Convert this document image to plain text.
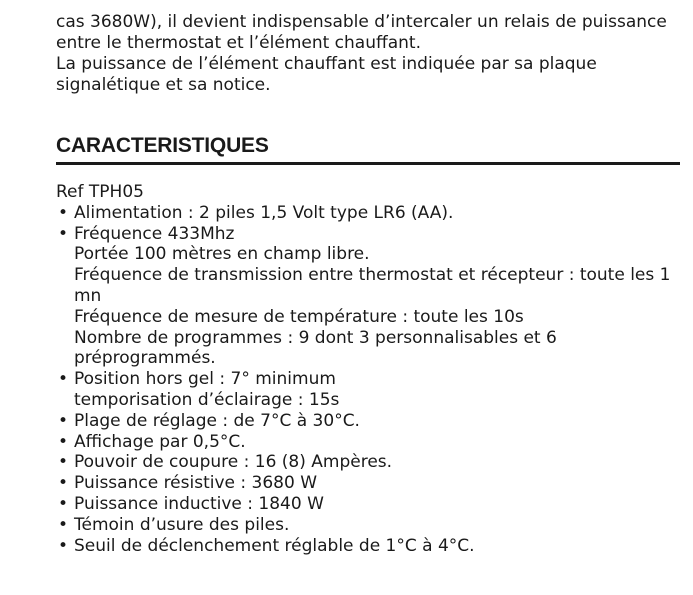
cas 3680W), il devient indispensable d’intercaler un relais de puissance entre le thermostat et l’élément chauffant.

La puissance de l’élément chauffant est indiquée par sa plaque signalétique et sa notice.

CARACTERISTIQUES

Ref TPH05

• Alimentation : 2 piles 1,5 Volt type LR6 (AA).
• Fréquence 433Mhz
Portée 100 mètres en champ libre.
Fréquence de transmission entre thermostat et récepteur : toute les 1 mn
Fréquence de mesure de température : toute les 10s
Nombre de programmes : 9 dont 3 personnalisables et 6 préprogrammés.
• Position hors gel : 7° minimum
temporisation d’éclairage : 15s
• Plage de réglage : de 7°C à 30°C.
• Affichage par 0,5°C.
• Pouvoir de coupure : 16 (8) Ampères.
• Puissance résistive : 3680 W
• Puissance inductive : 1840 W
• Témoin d’usure des piles.
• Seuil de déclenchement réglable de 1°C à 4°C.
